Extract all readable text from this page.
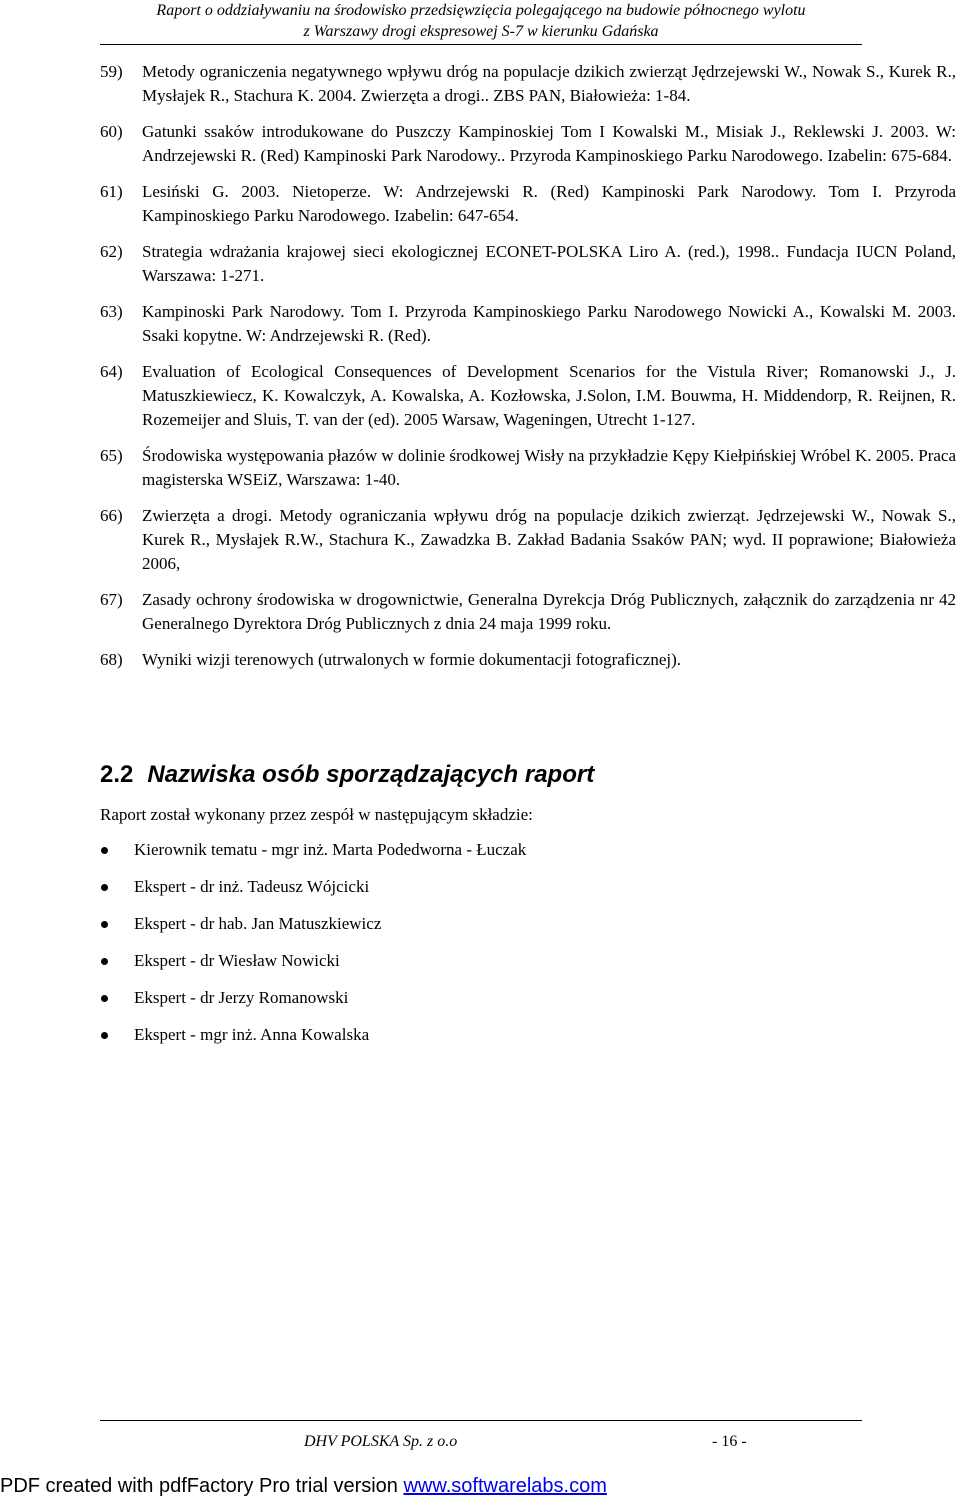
Raport o oddziaływaniu na środowisko przedsięwzięcia polegającego na budowie północnego wylotu
z Warszawy drogi ekspresowej S-7 w kierunku Gdańska
59)	Metody ograniczenia negatywnego wpływu dróg na populacje dzikich zwierząt Jędrzejewski W., Nowak S., Kurek R., Mysłajek R., Stachura K. 2004. Zwierzęta a drogi.. ZBS PAN, Białowieża: 1-84.
60)	Gatunki ssaków introdukowane do Puszczy Kampinoskiej Tom I Kowalski M., Misiak J., Reklewski J. 2003. W: Andrzejewski R. (Red) Kampinoski Park Narodowy.. Przyroda Kampinoskiego Parku Narodowego. Izabelin: 675-684.
61)	Lesiński G. 2003. Nietoperze. W: Andrzejewski R. (Red) Kampinoski Park Narodowy. Tom I. Przyroda Kampinoskiego Parku Narodowego. Izabelin: 647-654.
62)	Strategia wdrażania krajowej sieci ekologicznej ECONET-POLSKA Liro A. (red.), 1998.. Fundacja IUCN Poland, Warszawa: 1-271.
63)	Kampinoski Park Narodowy. Tom I. Przyroda Kampinoskiego Parku Narodowego Nowicki A., Kowalski M. 2003. Ssaki kopytne. W: Andrzejewski R. (Red).
64)	Evaluation of Ecological Consequences of Development Scenarios for the Vistula River; Romanowski J., J. Matuszkiewiecz, K. Kowalczyk, A. Kowalska, A. Kozłowska, J.Solon, I.M. Bouwma, H. Middendorp, R. Reijnen, R. Rozemeijer and Sluis, T. van der (ed). 2005 Warsaw, Wageningen, Utrecht 1-127.
65)	Środowiska występowania płazów w dolinie środkowej Wisły na przykładzie Kępy Kiełpińskiej Wróbel K. 2005. Praca magisterska WSEiZ, Warszawa: 1-40.
66)	Zwierzęta a drogi. Metody ograniczania wpływu dróg na populacje dzikich zwierząt. Jędrzejewski W., Nowak S., Kurek R., Mysłajek R.W., Stachura K., Zawadzka B. Zakład Badania Ssaków PAN; wyd. II poprawione; Białowieża 2006,
67)	Zasady ochrony środowiska w drogownictwie, Generalna Dyrekcja Dróg Publicznych, załącznik do zarządzenia nr 42 Generalnego Dyrektora Dróg Publicznych z dnia 24 maja 1999 roku.
68)	Wyniki wizji terenowych (utrwalonych w formie dokumentacji fotograficznej).
2.2 Nazwiska osób sporządzających raport
Raport został wykonany przez zespół w następującym składzie:
Kierownik tematu - mgr inż. Marta Podedworna - Łuczak
Ekspert - dr inż. Tadeusz Wójcicki
Ekspert - dr hab. Jan Matuszkiewicz
Ekspert - dr Wiesław Nowicki
Ekspert - dr Jerzy Romanowski
Ekspert - mgr inż. Anna Kowalska
DHV POLSKA Sp. z o.o	- 16 -
PDF created with pdfFactory Pro trial version www.softwarelabs.com
